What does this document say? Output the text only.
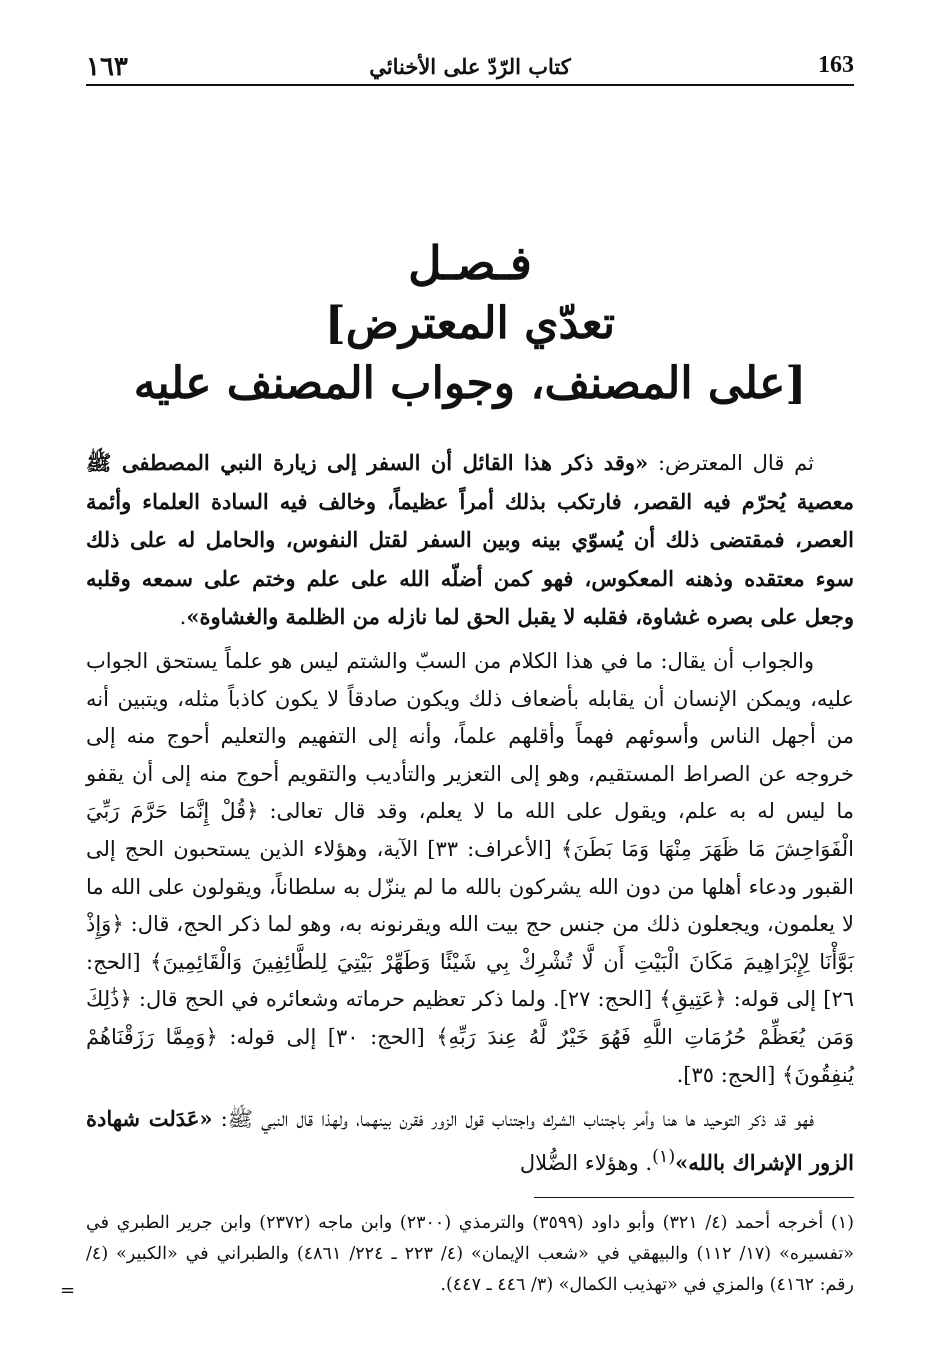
١٦٣	كتاب الرّدّ على الأخنائي	163
فـصـل
[تعدّي المعترض
على المصنف، وجواب المصنف عليه]

ثم قال المعترض: «وقد ذكر هذا القائل أن السفر إلى زيارة النبي المصطفى ﷺ معصية يُحرّم فيه القصر، فارتكب بذلك أمراً عظيماً، وخالف فيه السادة العلماء وأئمة العصر، فمقتضى ذلك أن يُسوّي بينه وبين السفر لقتل النفوس، والحامل له على ذلك سوء معتقده وذهنه المعكوس، فهو كمن أضلّه الله على علم وختم على سمعه وقلبه وجعل على بصره غشاوة، فقلبه لا يقبل الحق لما نازله من الظلمة والغشاوة».

والجواب أن يقال: ما في هذا الكلام من السبّ والشتم ليس هو علماً يستحق الجواب عليه، ويمكن الإنسان أن يقابله بأضعاف ذلك ويكون صادقاً لا يكون كاذباً مثله، ويتبين أنه من أجهل الناس وأسوئهم فهماً وأقلهم علماً، وأنه إلى التفهيم والتعليم أحوج منه إلى خروجه عن الصراط المستقيم، وهو إلى التعزير والتأديب والتقويم أحوج منه إلى أن يقفو ما ليس له به علم، ويقول على الله ما لا يعلم، وقد قال تعالى: ﴿قُلْ إِنَّمَا حَرَّمَ رَبِّيَ الْفَوَاحِشَ مَا ظَهَرَ مِنْهَا وَمَا بَطَنَ﴾ [الأعراف: ٣٣] الآية، وهؤلاء الذين يستحبون الحج إلى القبور ودعاء أهلها من دون الله يشركون بالله ما لم ينزّل به سلطاناً، ويقولون على الله ما لا يعلمون، ويجعلون ذلك من جنس حج بيت الله ويقرنونه به، وهو لما ذكر الحج، قال: ﴿وَإِذْ بَوَّأْنَا لِإِبْرَاهِيمَ مَكَانَ الْبَيْتِ أَن لَّا تُشْرِكْ بِي شَيْئًا وَطَهِّرْ بَيْتِيَ لِلطَّائِفِينَ وَالْقَائِمِينَ﴾ [الحج: ٢٦] إلى قوله: ﴿عَتِيقِ﴾ [الحج: ٢٧]. ولما ذكر تعظيم حرماته وشعائره في الحج قال: ﴿ذَٰلِكَ وَمَن يُعَظِّمْ حُرُمَاتِ اللَّهِ فَهُوَ خَيْرٌ لَّهُ عِندَ رَبِّهِ﴾ [الحج: ٣٠] إلى قوله: ﴿وَمِمَّا رَزَقْنَاهُمْ يُنفِقُونَ﴾ [الحج: ٣٥].

فهو قد ذكر التوحيد ها هنا وأمر باجتناب الشرك واجتناب قول الزور فقرن بينهما، ولهذا قال النبي ﷺ: «عَدَلت شهادة الزور الإشراك بالله»$^{(١)}$. وهؤلاء الضُّلال

(١) أخرجه أحمد (٤/ ٣٢١) وأبو داود (٣٥٩٩) والترمذي (٢٣٠٠) وابن ماجه (٢٣٧٢) وابن جرير الطبري في «تفسيره» (١٧/ ١١٢) والبيهقي في «شعب الإيمان» (٤/ ٢٢٣ ـ ٢٢٤/ ٤٨٦١) والطبراني في «الكبير» (٤/ رقم: ٤١٦٢) والمزي في «تهذيب الكمال» (٣/ ٤٤٦ ـ ٤٤٧).
=
